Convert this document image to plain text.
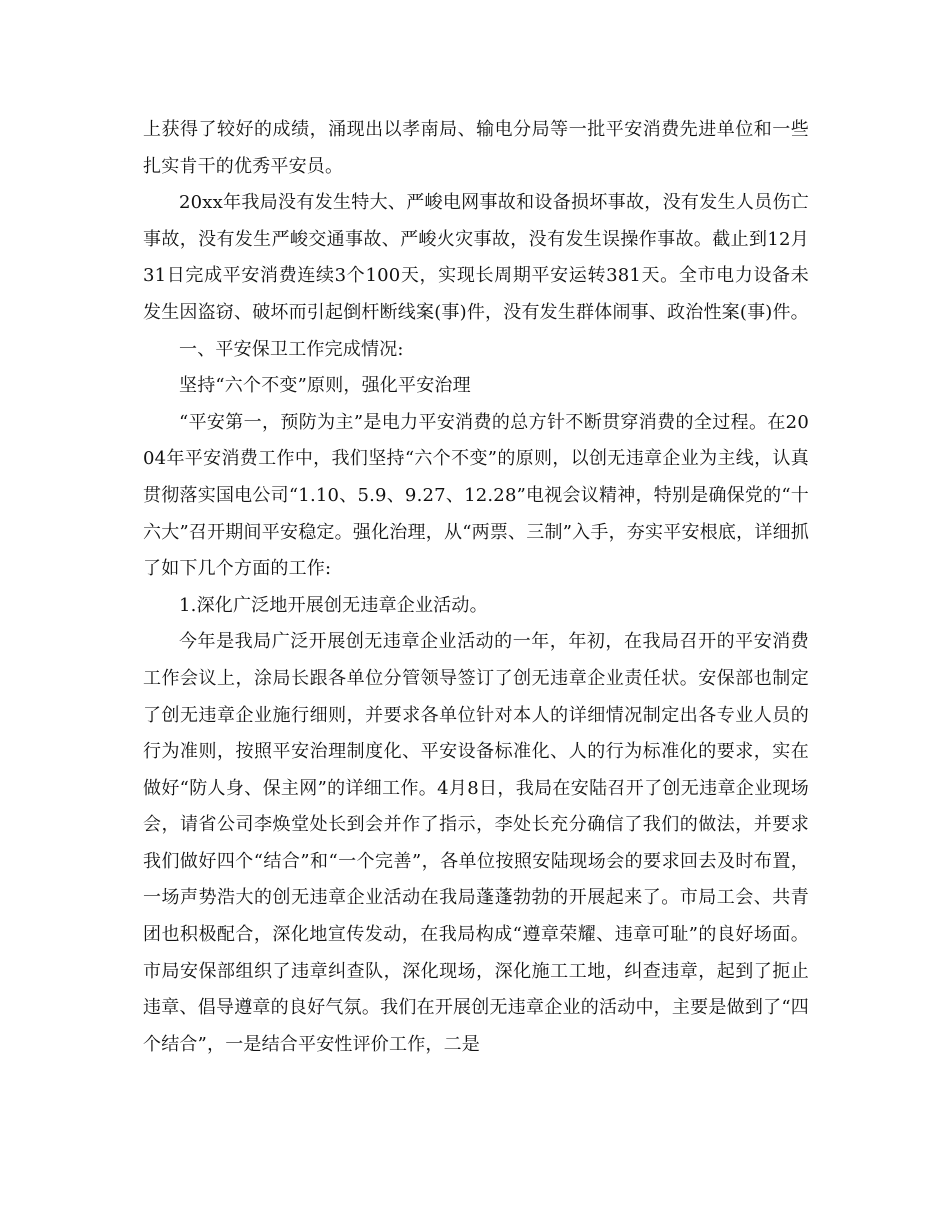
上获得了较好的成绩，涌现出以孝南局、输电分局等一批平安消费先进单位和一些扎实肯干的优秀平安员。

20xx年我局没有发生特大、严峻电网事故和设备损坏事故，没有发生人员伤亡事故，没有发生严峻交通事故、严峻火灾事故，没有发生误操作事故。截止到12月31日完成平安消费连续3个100天，实现长周期平安运转381天。全市电力设备未发生因盗窃、破坏而引起倒杆断线案(事)件，没有发生群体闹事、政治性案(事)件。

一、平安保卫工作完成情况:

坚持“六个不变”原则，强化平安治理

“平安第一，预防为主”是电力平安消费的总方针不断贯穿消费的全过程。在2004年平安消费工作中，我们坚持“六个不变”的原则，以创无违章企业为主线，认真贯彻落实国电公司“1.10、5.9、9.27、12.28”电视会议精神，特别是确保党的“十六大”召开期间平安稳定。强化治理，从“两票、三制”入手，夯实平安根底，详细抓了如下几个方面的工作:

1.深化广泛地开展创无违章企业活动。

今年是我局广泛开展创无违章企业活动的一年，年初，在我局召开的平安消费工作会议上，涂局长跟各单位分管领导签订了创无违章企业责任状。安保部也制定了创无违章企业施行细则，并要求各单位针对本人的详细情况制定出各专业人员的行为准则，按照平安治理制度化、平安设备标准化、人的行为标准化的要求，实在做好“防人身、保主网”的详细工作。4月8日，我局在安陆召开了创无违章企业现场会，请省公司李焕堂处长到会并作了指示，李处长充分确信了我们的做法，并要求我们做好四个“结合”和“一个完善”，各单位按照安陆现场会的要求回去及时布置，一场声势浩大的创无违章企业活动在我局蓬蓬勃勃的开展起来了。市局工会、共青团也积极配合，深化地宣传发动，在我局构成“遵章荣耀、违章可耻”的良好场面。市局安保部组织了违章纠查队，深化现场，深化施工工地，纠查违章，起到了扼止违章、倡导遵章的良好气氛。我们在开展创无违章企业的活动中，主要是做到了“四个结合”，一是结合平安性评价工作，二是
